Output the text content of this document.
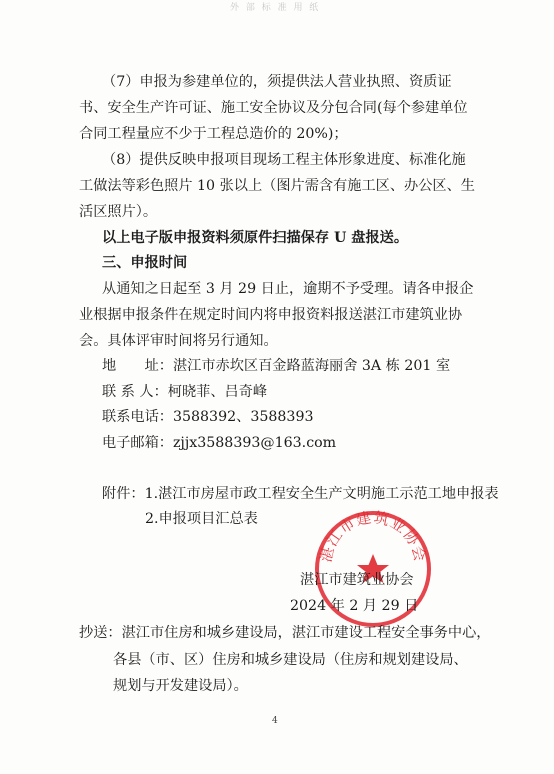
外 部 标 准 用 纸
（7）申报为参建单位的，须提供法人营业执照、资质证
书、安全生产许可证、施工安全协议及分包合同(每个参建单位
合同工程量应不少于工程总造价的 20%)；
（8）提供反映申报项目现场工程主体形象进度、标准化施
工做法等彩色照片 10 张以上（图片需含有施工区、办公区、生
活区照片）。
以上电子版申报资料须原件扫描保存 U 盘报送。
三、申报时间
从通知之日起至 3 月 29 日止，逾期不予受理。请各申报企
业根据申报条件在规定时间内将申报资料报送湛江市建筑业协
会。具体评审时间将另行通知。
地　　址：湛江市赤坎区百金路蓝海丽舍 3A 栋 201 室
联 系 人：柯晓菲、吕奇峰
联系电话：3588392、3588393
电子邮箱：zjjx3588393@163.com
附件：1.湛江市房屋市政工程安全生产文明施工示范工地申报表
2.申报项目汇总表
湛江市建筑业协会
湛江市建筑业协会
2024 年 2 月 29 日
抄送：湛江市住房和城乡建设局，湛江市建设工程安全事务中心，
各县（市、区）住房和城乡建设局（住房和规划建设局、
规划与开发建设局）。
4
